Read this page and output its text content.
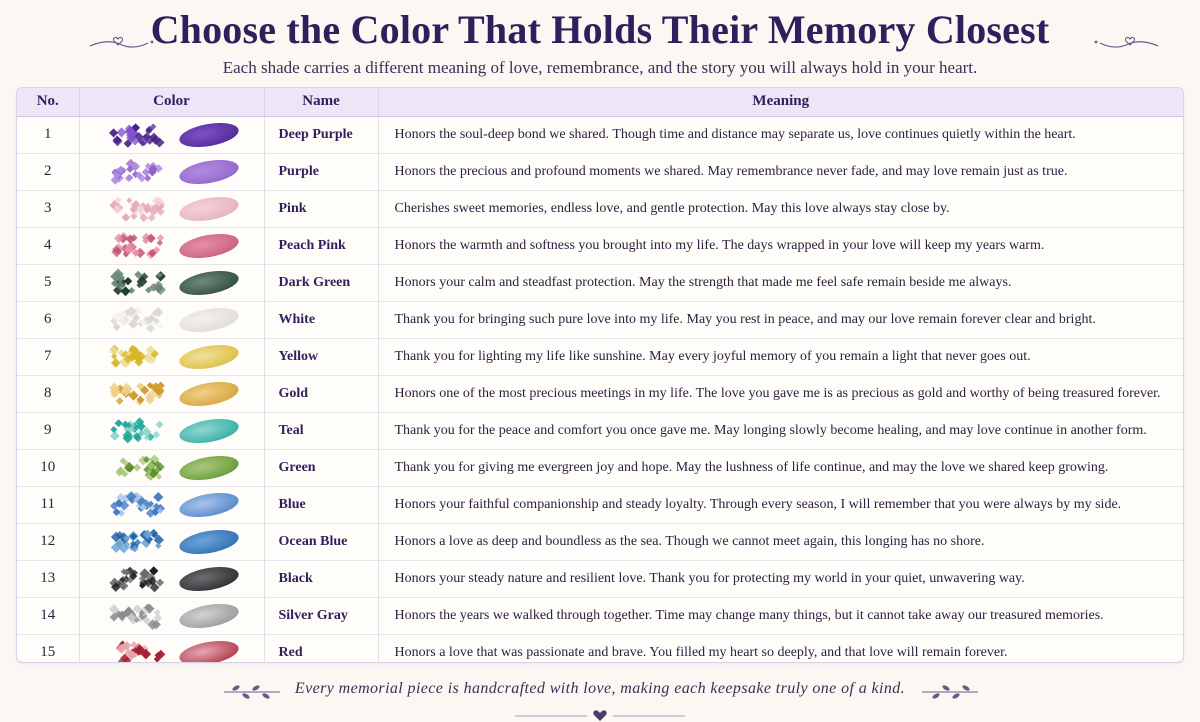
Choose the Color That Holds Their Memory Closest
Each shade carries a different meaning of love, remembrance, and the story you will always hold in your heart.
No.	Color	Name	Meaning
1		Deep Purple	Honors the soul-deep bond we shared. Though time and distance may separate us, love continues quietly within the heart.
2		Purple	Honors the precious and profound moments we shared. May remembrance never fade, and may love remain just as true.
3		Pink	Cherishes sweet memories, endless love, and gentle protection. May this love always stay close by.
4		Peach Pink	Honors the warmth and softness you brought into my life. The days wrapped in your love will keep my years warm.
5		Dark Green	Honors your calm and steadfast protection. May the strength that made me feel safe remain beside me always.
6		White	Thank you for bringing such pure love into my life. May you rest in peace, and may our love remain forever clear and bright.
7		Yellow	Thank you for lighting my life like sunshine. May every joyful memory of you remain a light that never goes out.
8		Gold	Honors one of the most precious meetings in my life. The love you gave me is as precious as gold and worthy of being treasured forever.
9		Teal	Thank you for the peace and comfort you once gave me. May longing slowly become healing, and may love continue in another form.
10		Green	Thank you for giving me evergreen joy and hope. May the lushness of life continue, and may the love we shared keep growing.
11		Blue	Honors your faithful companionship and steady loyalty. Through every season, I will remember that you were always by my side.
12		Ocean Blue	Honors a love as deep and boundless as the sea. Though we cannot meet again, this longing has no shore.
13		Black	Honors your steady nature and resilient love. Thank you for protecting my world in your quiet, unwavering way.
14		Silver Gray	Honors the years we walked through together. Time may change many things, but it cannot take away our treasured memories.
15		Red	Honors a love that was passionate and brave. You filled my heart so deeply, and that love will remain forever.
Every memorial piece is handcrafted with love, making each keepsake truly one of a kind.
